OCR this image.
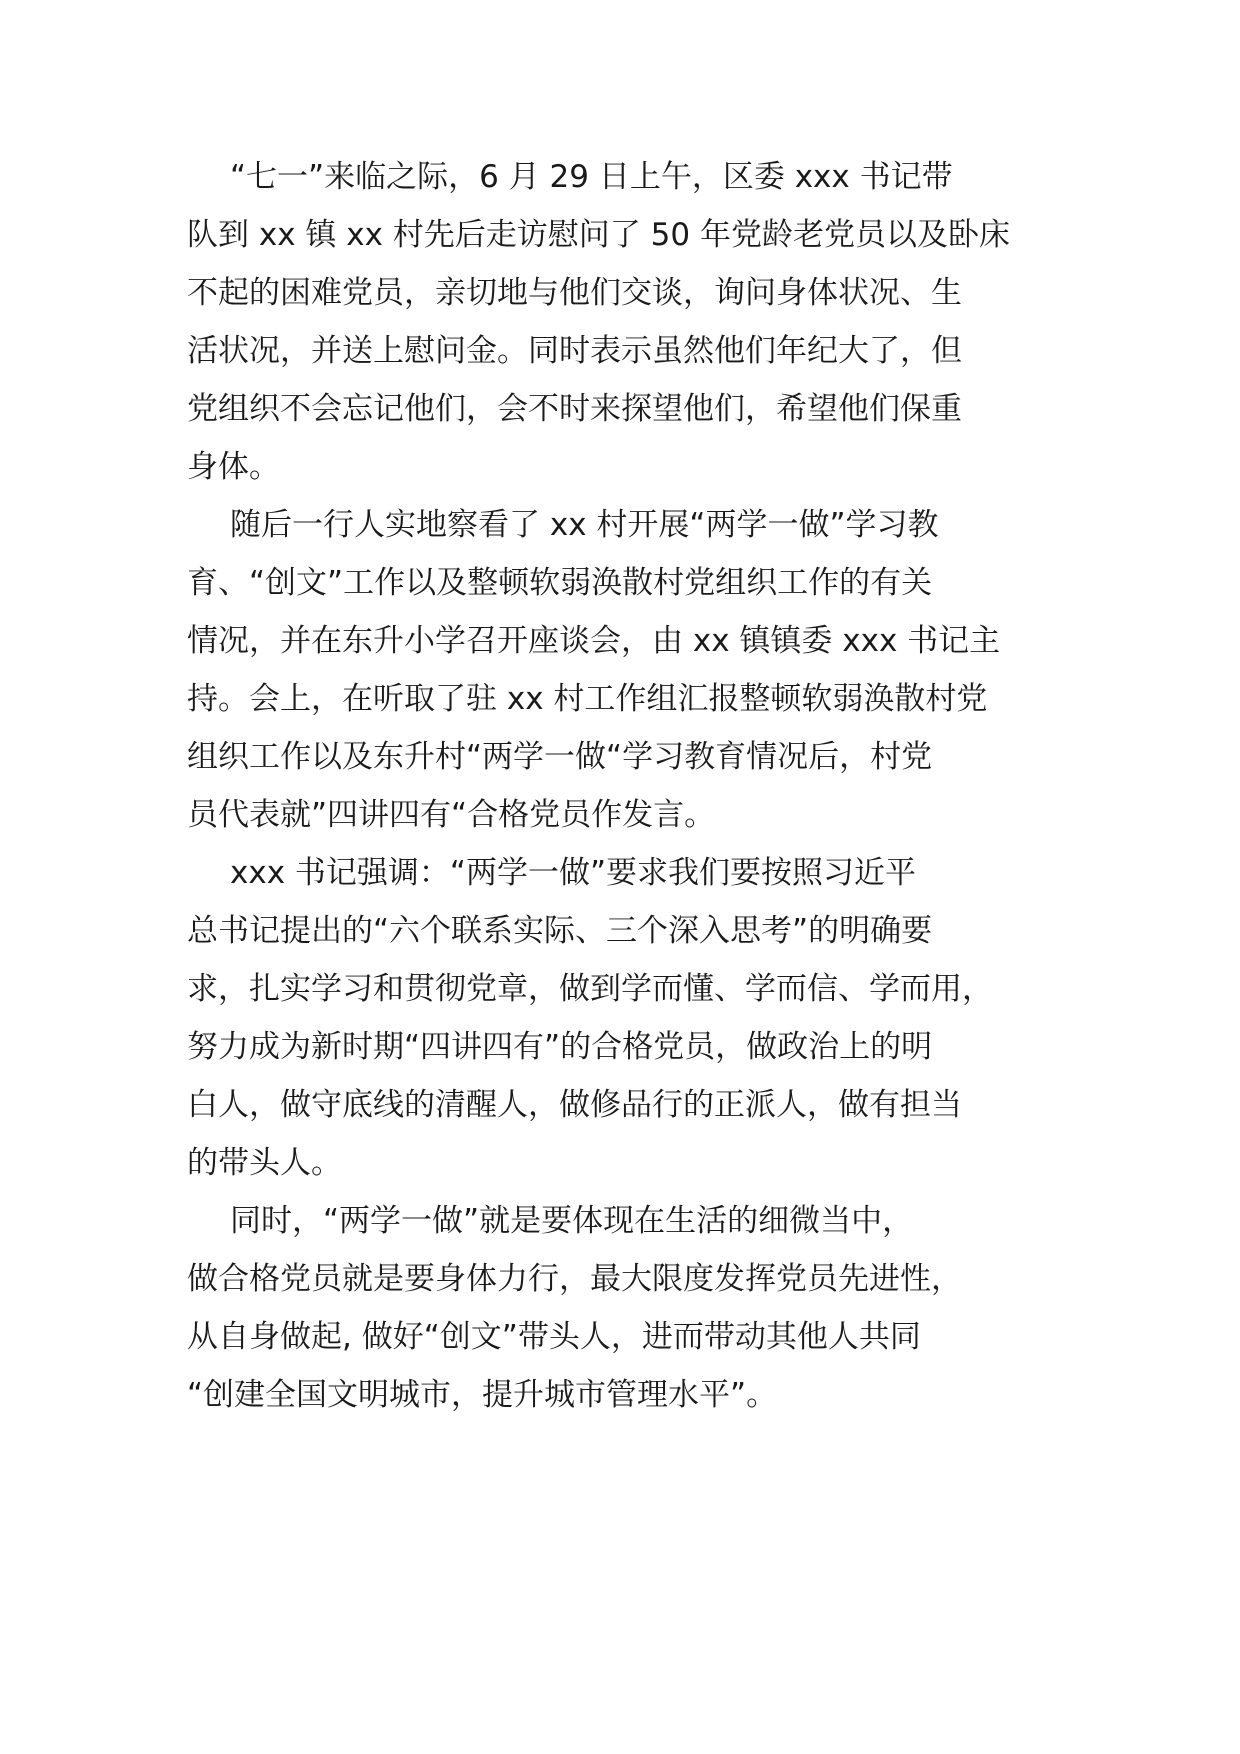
“七一”来临之际，6 月 29 日上午，区委 xxx 书记带
队到 xx 镇 xx 村先后走访慰问了 50 年党龄老党员以及卧床
不起的困难党员，亲切地与他们交谈，询问身体状况、生
活状况，并送上慰问金。同时表示虽然他们年纪大了，但
党组织不会忘记他们，会不时来探望他们，希望他们保重
身体。
随后一行人实地察看了 xx 村开展“两学一做”学习教
育、“创文”工作以及整顿软弱涣散村党组织工作的有关
情况，并在东升小学召开座谈会，由 xx 镇镇委 xxx 书记主
持。会上，在听取了驻 xx 村工作组汇报整顿软弱涣散村党
组织工作以及东升村“两学一做“学习教育情况后，村党
员代表就”四讲四有“合格党员作发言。
xxx 书记强调：“两学一做”要求我们要按照习近平
总书记提出的“六个联系实际、三个深入思考”的明确要
求，扎实学习和贯彻党章，做到学而懂、学而信、学而用，
努力成为新时期“四讲四有”的合格党员，做政治上的明
白人，做守底线的清醒人，做修品行的正派人，做有担当
的带头人。
同时，“两学一做”就是要体现在生活的细微当中，
做合格党员就是要身体力行，最大限度发挥党员先进性，
从自身做起, 做好“创文”带头人，进而带动其他人共同
“创建全国文明城市，提升城市管理水平”。
